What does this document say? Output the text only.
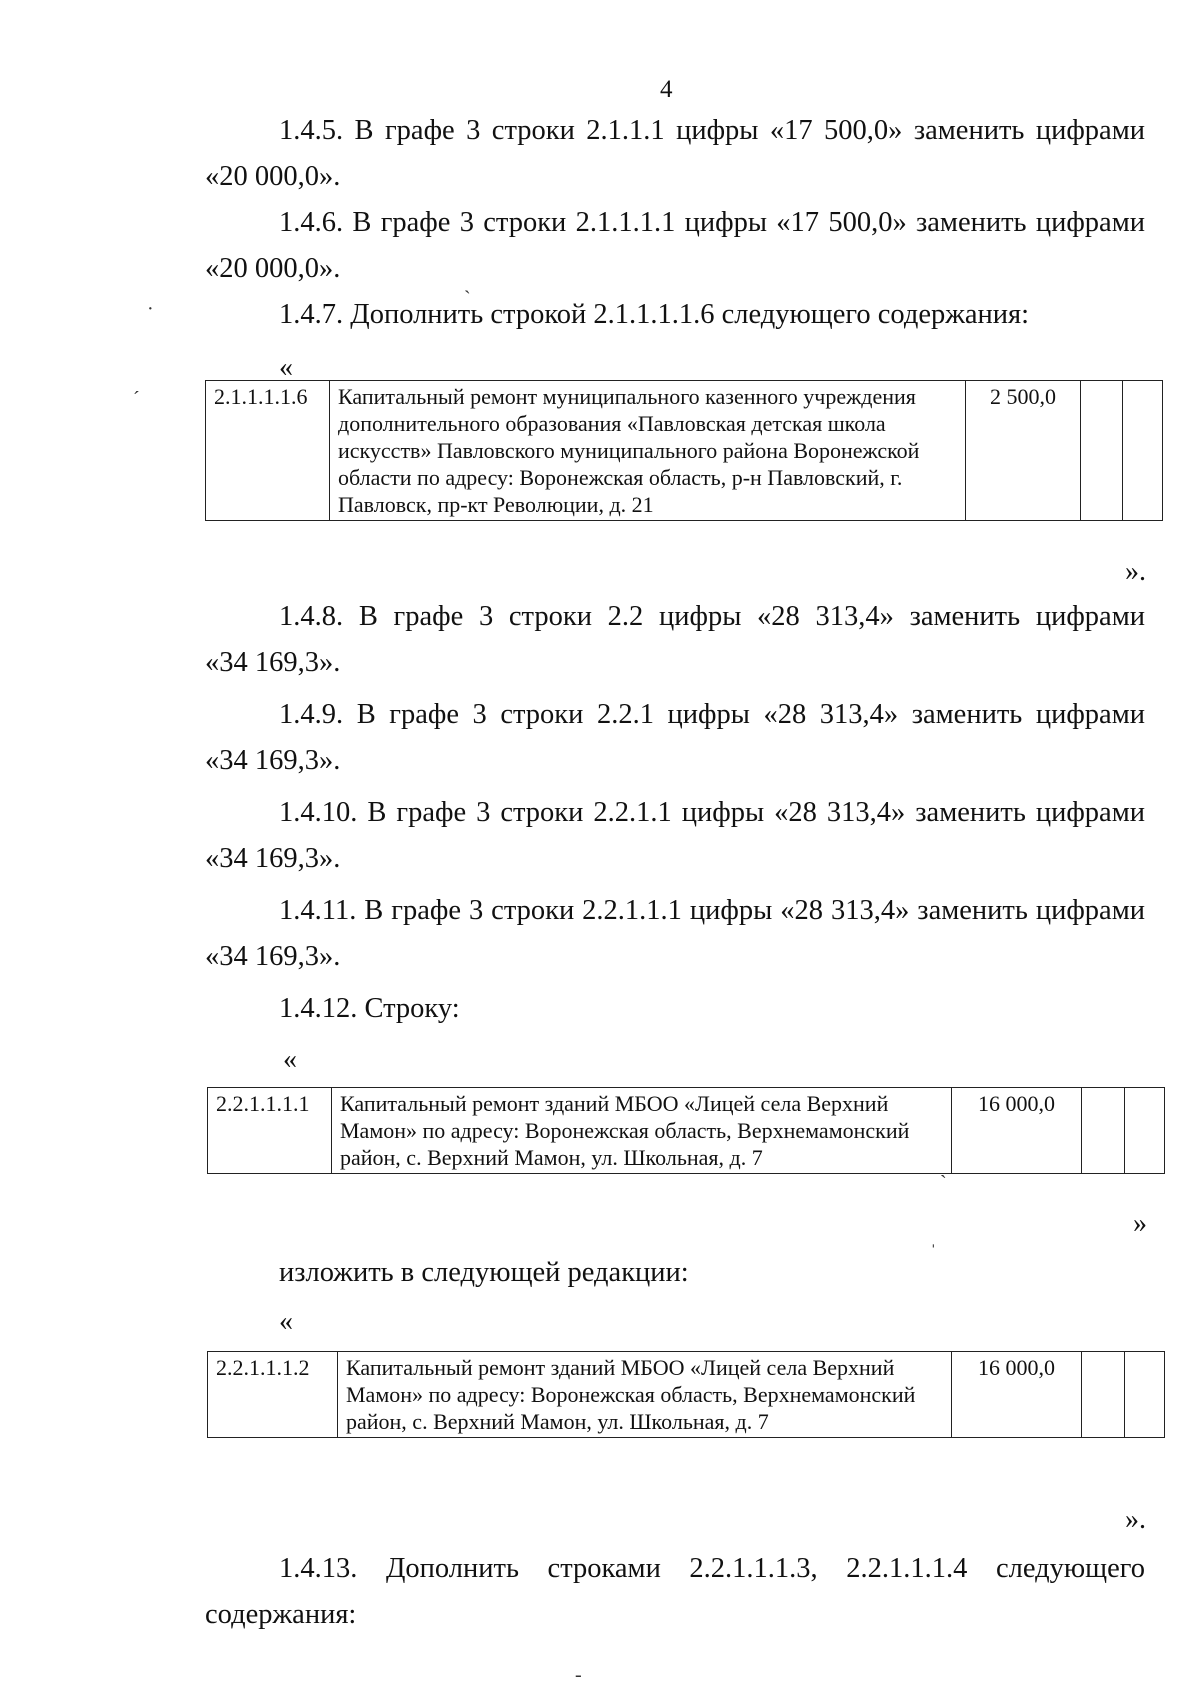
4
1.4.5. В графе 3 строки 2.1.1.1 цифры «17 500,0» заменить цифрами
«20 000,0».
1.4.6. В графе 3 строки 2.1.1.1.1 цифры «17 500,0» заменить цифрами
«20 000,0».
1.4.7. Дополнить строкой 2.1.1.1.1.6 следующего содержания:
«
2.1.1.1.1.6	Капитальный ремонт муниципального казенного учреждения дополнительного образования «Павловская детская школа искусств» Павловского муниципального района Воронежской области по адресу: Воронежская область, р-н Павловский, г. Павловск, пр-кт Революции, д. 21	2 500,0		
».
1.4.8. В графе 3 строки 2.2 цифры «28 313,4» заменить цифрами
«34 169,3».
1.4.9. В графе 3 строки 2.2.1 цифры «28 313,4» заменить цифрами
«34 169,3».
1.4.10. В графе 3 строки 2.2.1.1 цифры «28 313,4» заменить цифрами
«34 169,3».
1.4.11. В графе 3 строки 2.2.1.1.1 цифры «28 313,4» заменить цифрами
«34 169,3».
1.4.12. Строку:
«
2.2.1.1.1.1	Капитальный ремонт зданий МБОО «Лицей села Верхний Мамон» по адресу: Воронежская область, Верхнемамонский район, с. Верхний Мамон, ул. Школьная, д. 7	16 000,0		
»
изложить в следующей редакции:
«
2.2.1.1.1.2	Капитальный ремонт зданий МБОО «Лицей села Верхний Мамон» по адресу: Воронежская область, Верхнемамонский район, с. Верхний Мамон, ул. Школьная, д. 7	16 000,0		
».
1.4.13. Дополнить строками 2.2.1.1.1.3, 2.2.1.1.1.4 следующего
содержания:
·
ˊ
ˎ
ˋ
ˌ
-
